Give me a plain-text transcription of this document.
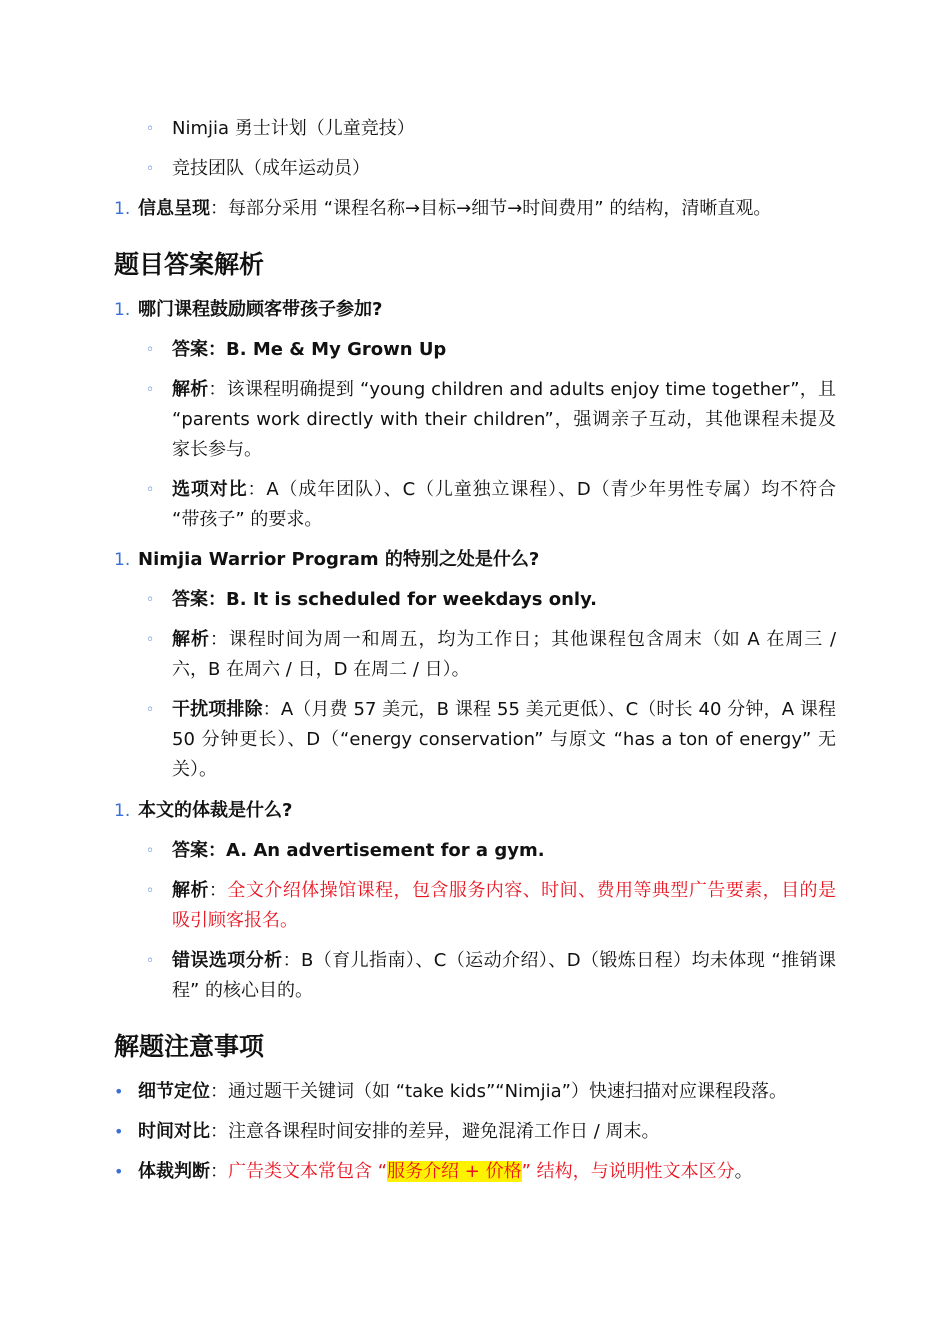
◦ Nimjia 勇士计划（儿童竞技）
◦ 竞技团队（成年运动员）
1. 信息呈现：每部分采用 “课程名称→目标→细节→时间费用” 的结构，清晰直观。
题目答案解析
1. 哪门课程鼓励顾客带孩子参加?
◦ 答案：B. Me & My Grown Up
◦ 解析：该课程明确提到 “young children and adults enjoy time together”，且 “parents work directly with their children”，强调亲子互动，其他课程未提及家长参与。
◦ 选项对比：A（成年团队）、C（儿童独立课程）、D（青少年男性专属）均不符合 “带孩子” 的要求。
1. Nimjia Warrior Program 的特别之处是什么?
◦ 答案：B. It is scheduled for weekdays only.
◦ 解析：课程时间为周一和周五，均为工作日；其他课程包含周末（如 A 在周三 / 六，B 在周六 / 日，D 在周二 / 日）。
◦ 干扰项排除：A（月费 57 美元，B 课程 55 美元更低）、C（时长 40 分钟，A 课程 50 分钟更长）、D（“energy conservation” 与原文 “has a ton of energy” 无关）。
1. 本文的体裁是什么?
◦ 答案：A. An advertisement for a gym.
◦ 解析：全文介绍体操馆课程，包含服务内容、时间、费用等典型广告要素，目的是吸引顾客报名。
◦ 错误选项分析：B（育儿指南）、C（运动介绍）、D（锻炼日程）均未体现 “推销课程” 的核心目的。
解题注意事项
• 细节定位：通过题干关键词（如 “take kids”“Nimjia”）快速扫描对应课程段落。
• 时间对比：注意各课程时间安排的差异，避免混淆工作日 / 周末。
• 体裁判断：广告类文本常包含 “服务介绍 + 价格” 结构，与说明性文本区分。
